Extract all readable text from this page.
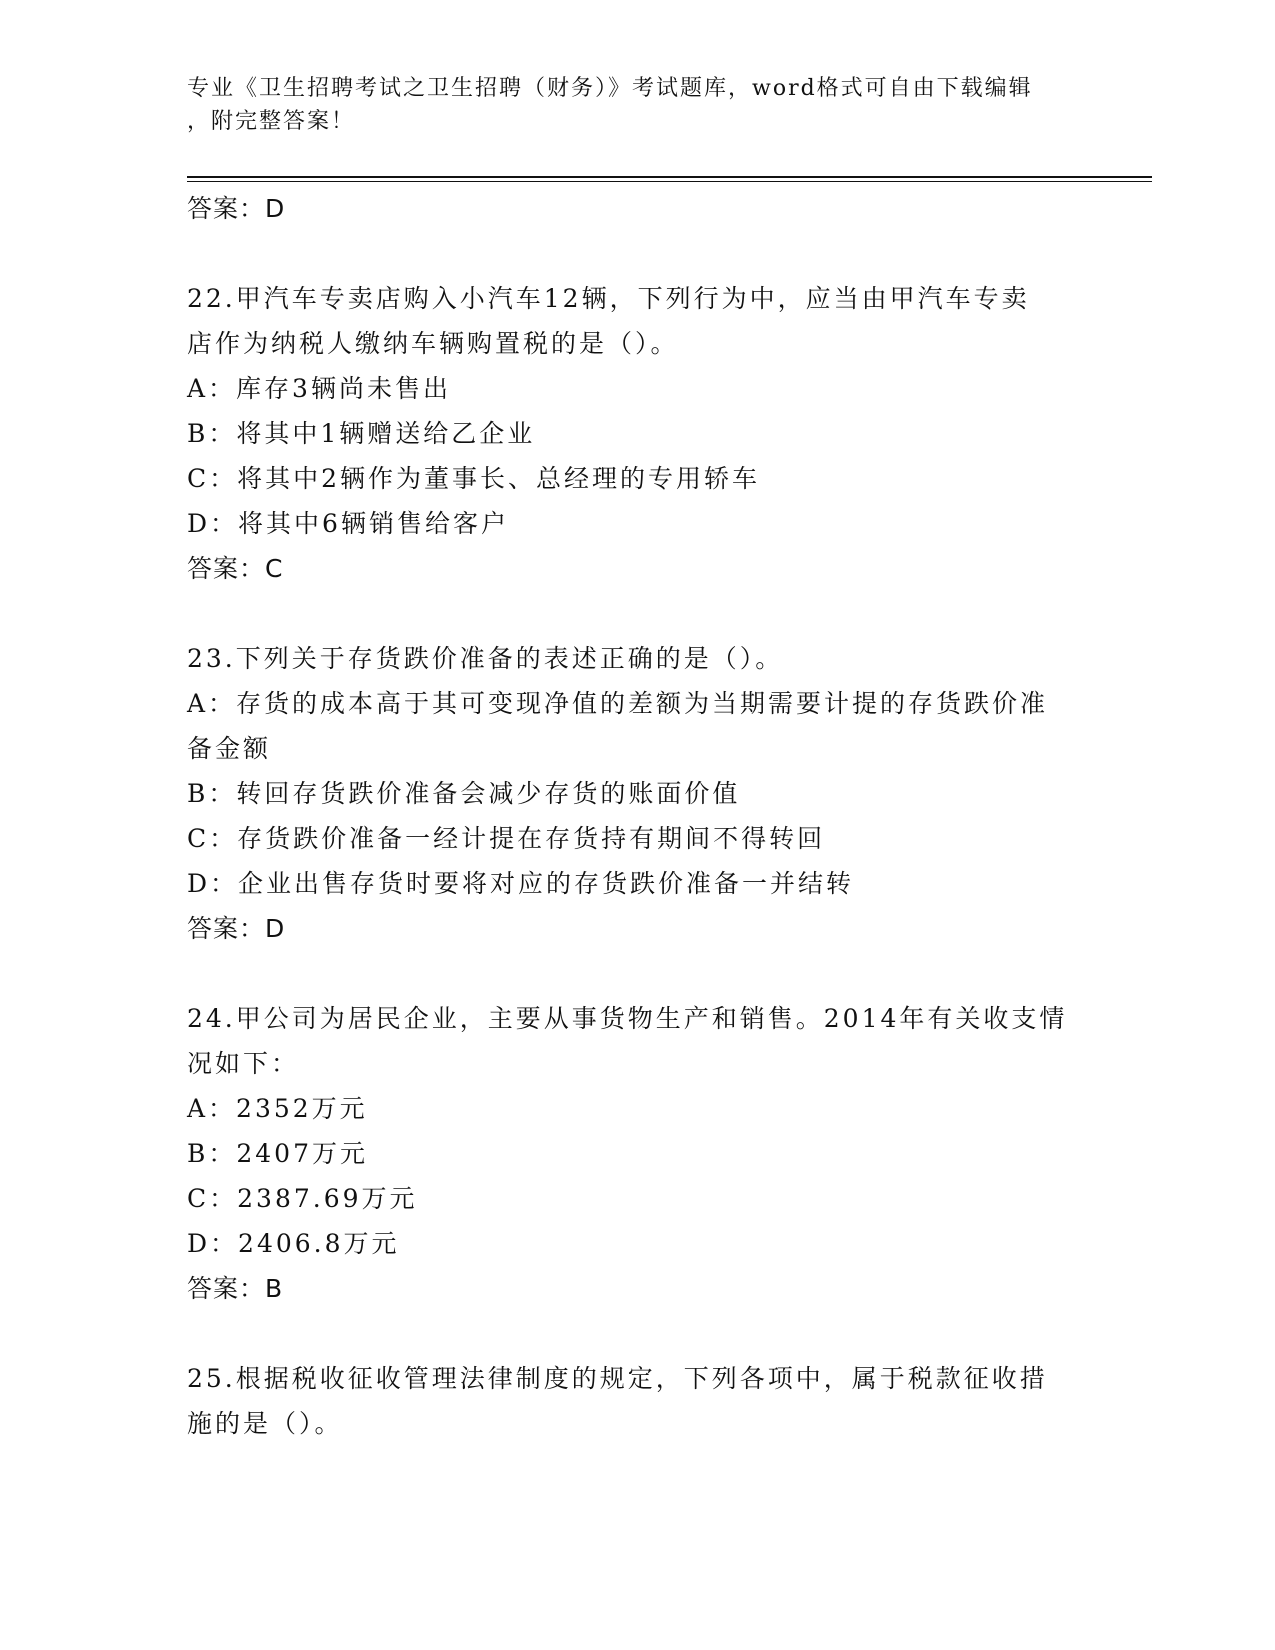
专业《卫生招聘考试之卫生招聘（财务）》考试题库，word格式可自由下载编辑
，附完整答案！
答案：D
22.甲汽车专卖店购入小汽车12辆，下列行为中，应当由甲汽车专卖
店作为纳税人缴纳车辆购置税的是（）。
A：库存3辆尚未售出
B：将其中1辆赠送给乙企业
C：将其中2辆作为董事长、总经理的专用轿车
D：将其中6辆销售给客户
答案：C
23.下列关于存货跌价准备的表述正确的是（）。
A：存货的成本高于其可变现净值的差额为当期需要计提的存货跌价准
备金额
B：转回存货跌价准备会减少存货的账面价值
C：存货跌价准备一经计提在存货持有期间不得转回
D：企业出售存货时要将对应的存货跌价准备一并结转
答案：D
24.甲公司为居民企业，主要从事货物生产和销售。2014年有关收支情
况如下：
A：2352万元
B：2407万元
C：2387.69万元
D：2406.8万元
答案：B
25.根据税收征收管理法律制度的规定，下列各项中，属于税款征收措
施的是（）。
